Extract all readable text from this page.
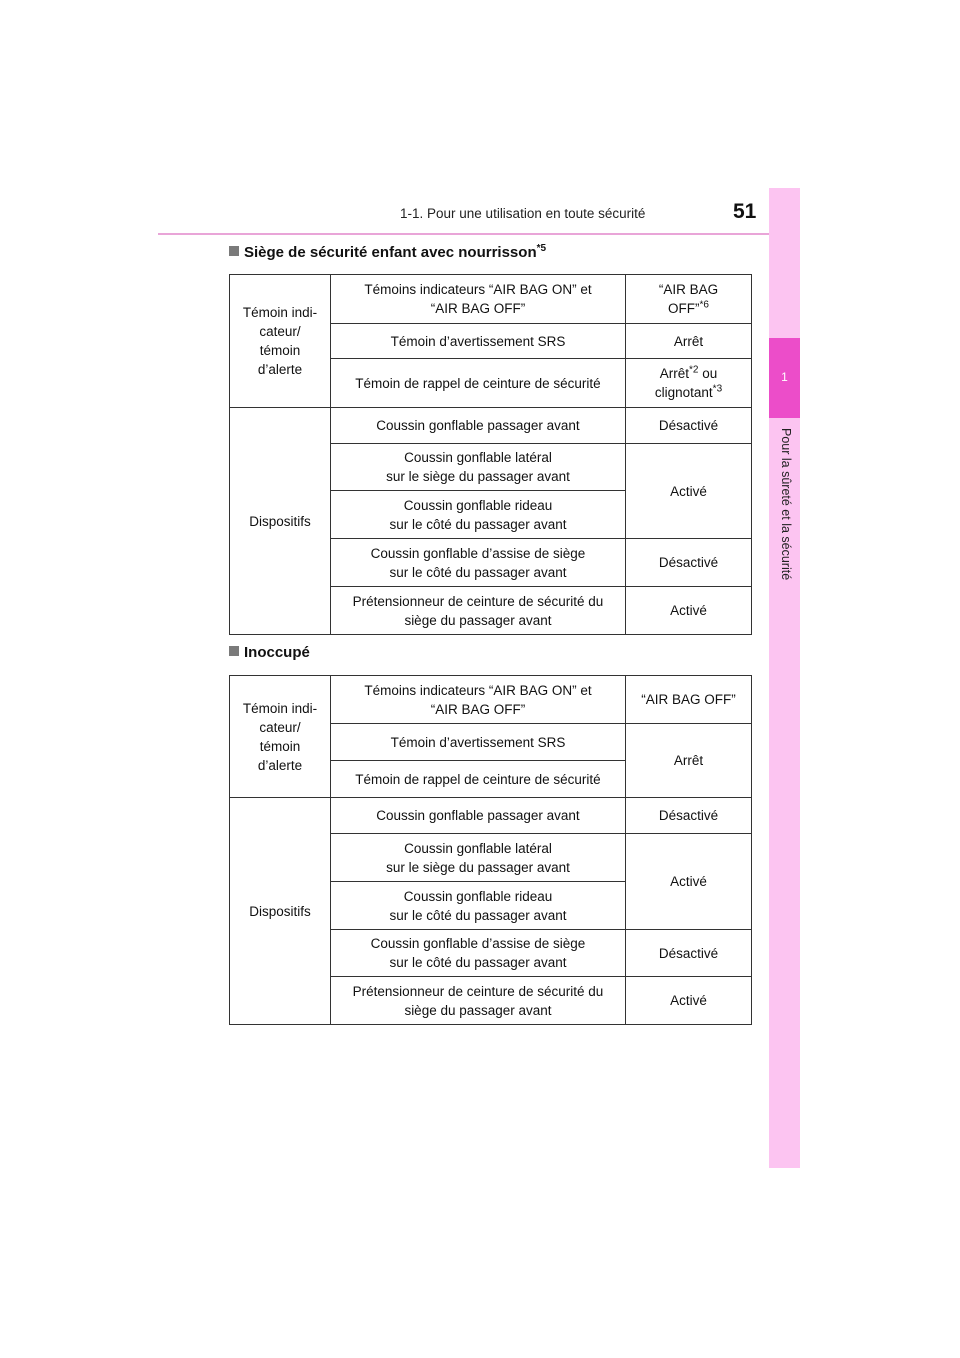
1-1. Pour une utilisation en toute sécurité	51
1
Pour la sûreté et la sécurité
Siège de sécurité enfant avec nourrisson$^{*5}$
Témoin indi-
cateur/
témoin
d’alerte	Témoins indicateurs “AIR BAG ON” et
“AIR BAG OFF”	“AIR BAG
OFF”$^{*6}$
	Témoin d’avertissement SRS	Arrêt
	Témoin de rappel de ceinture de sécurité	Arrêt$^{*2}$ ou
clignotant$^{*3}$
Dispositifs	Coussin gonflable passager avant	Désactivé
	Coussin gonflable latéral
sur le siège du passager avant	Activé
	Coussin gonflable rideau
sur le côté du passager avant	
	Coussin gonflable d’assise de siège
sur le côté du passager avant	Désactivé
	Prétensionneur de ceinture de sécurité du
siège du passager avant	Activé
Inoccupé
Témoin indi-
cateur/
témoin
d’alerte	Témoins indicateurs “AIR BAG ON” et
“AIR BAG OFF”	“AIR BAG OFF”
	Témoin d’avertissement SRS	Arrêt
	Témoin de rappel de ceinture de sécurité	
Dispositifs	Coussin gonflable passager avant	Désactivé
	Coussin gonflable latéral
sur le siège du passager avant	Activé
	Coussin gonflable rideau
sur le côté du passager avant	
	Coussin gonflable d’assise de siège
sur le côté du passager avant	Désactivé
	Prétensionneur de ceinture de sécurité du
siège du passager avant	Activé
